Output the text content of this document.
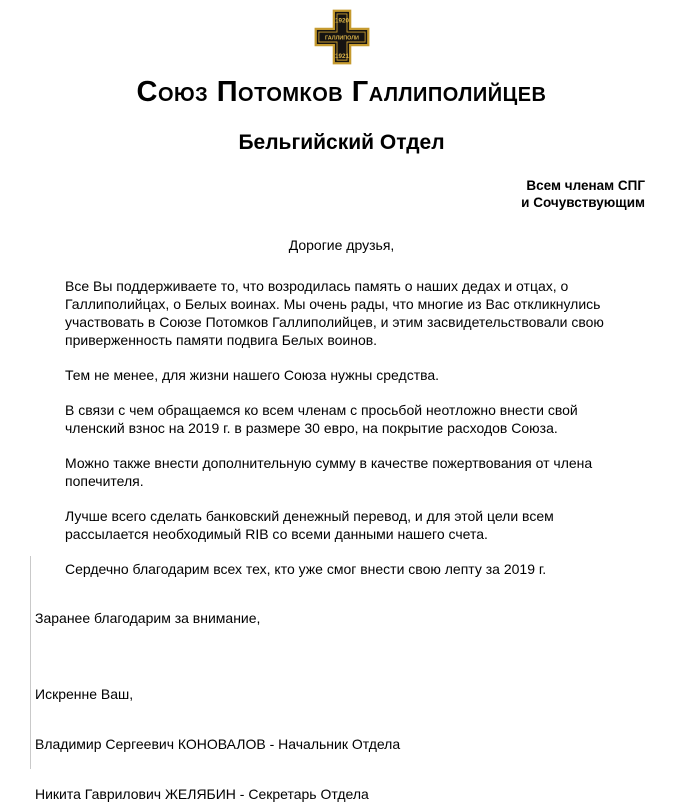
1920
ГАЛЛИПОЛИ
1921
Союз Потомков Галлиполийцев
Бельгийский Отдел
Всем членам СПГ
и Сочувствующим
Дорогие друзья,

Все Вы поддерживаете то, что возродилась память о наших дедах и отцах, о Галлиполийцах, о Белых воинах. Мы очень рады, что многие из Вас откликнулись участвовать в Союзе Потомков Галлиполийцев, и этим засвидетельствовали свою приверженность памяти подвига Белых воинов.

Тем не менее, для жизни нашего Союза нужны средства.

В связи с чем обращаемся ко всем членам с просьбой неотложно внести свой членский взнос на 2019 г. в размере 30 евро, на покрытие расходов Союза.

Можно также внести дополнительную сумму в качестве пожертвования от члена попечителя.

Лучше всего сделать банковский денежный перевод, и для этой цели всем рассылается необходимый RIB со всеми данными нашего счета.

Сердечно благодарим всех тех, кто уже смог внести свою лепту за 2019 г.

Заранее благодарим за внимание,
Искренне Ваш,
Владимир Сергеевич КОНОВАЛОВ - Начальник Отдела
Никита Гаврилович ЖЕЛЯБИН - Секретарь Отдела
